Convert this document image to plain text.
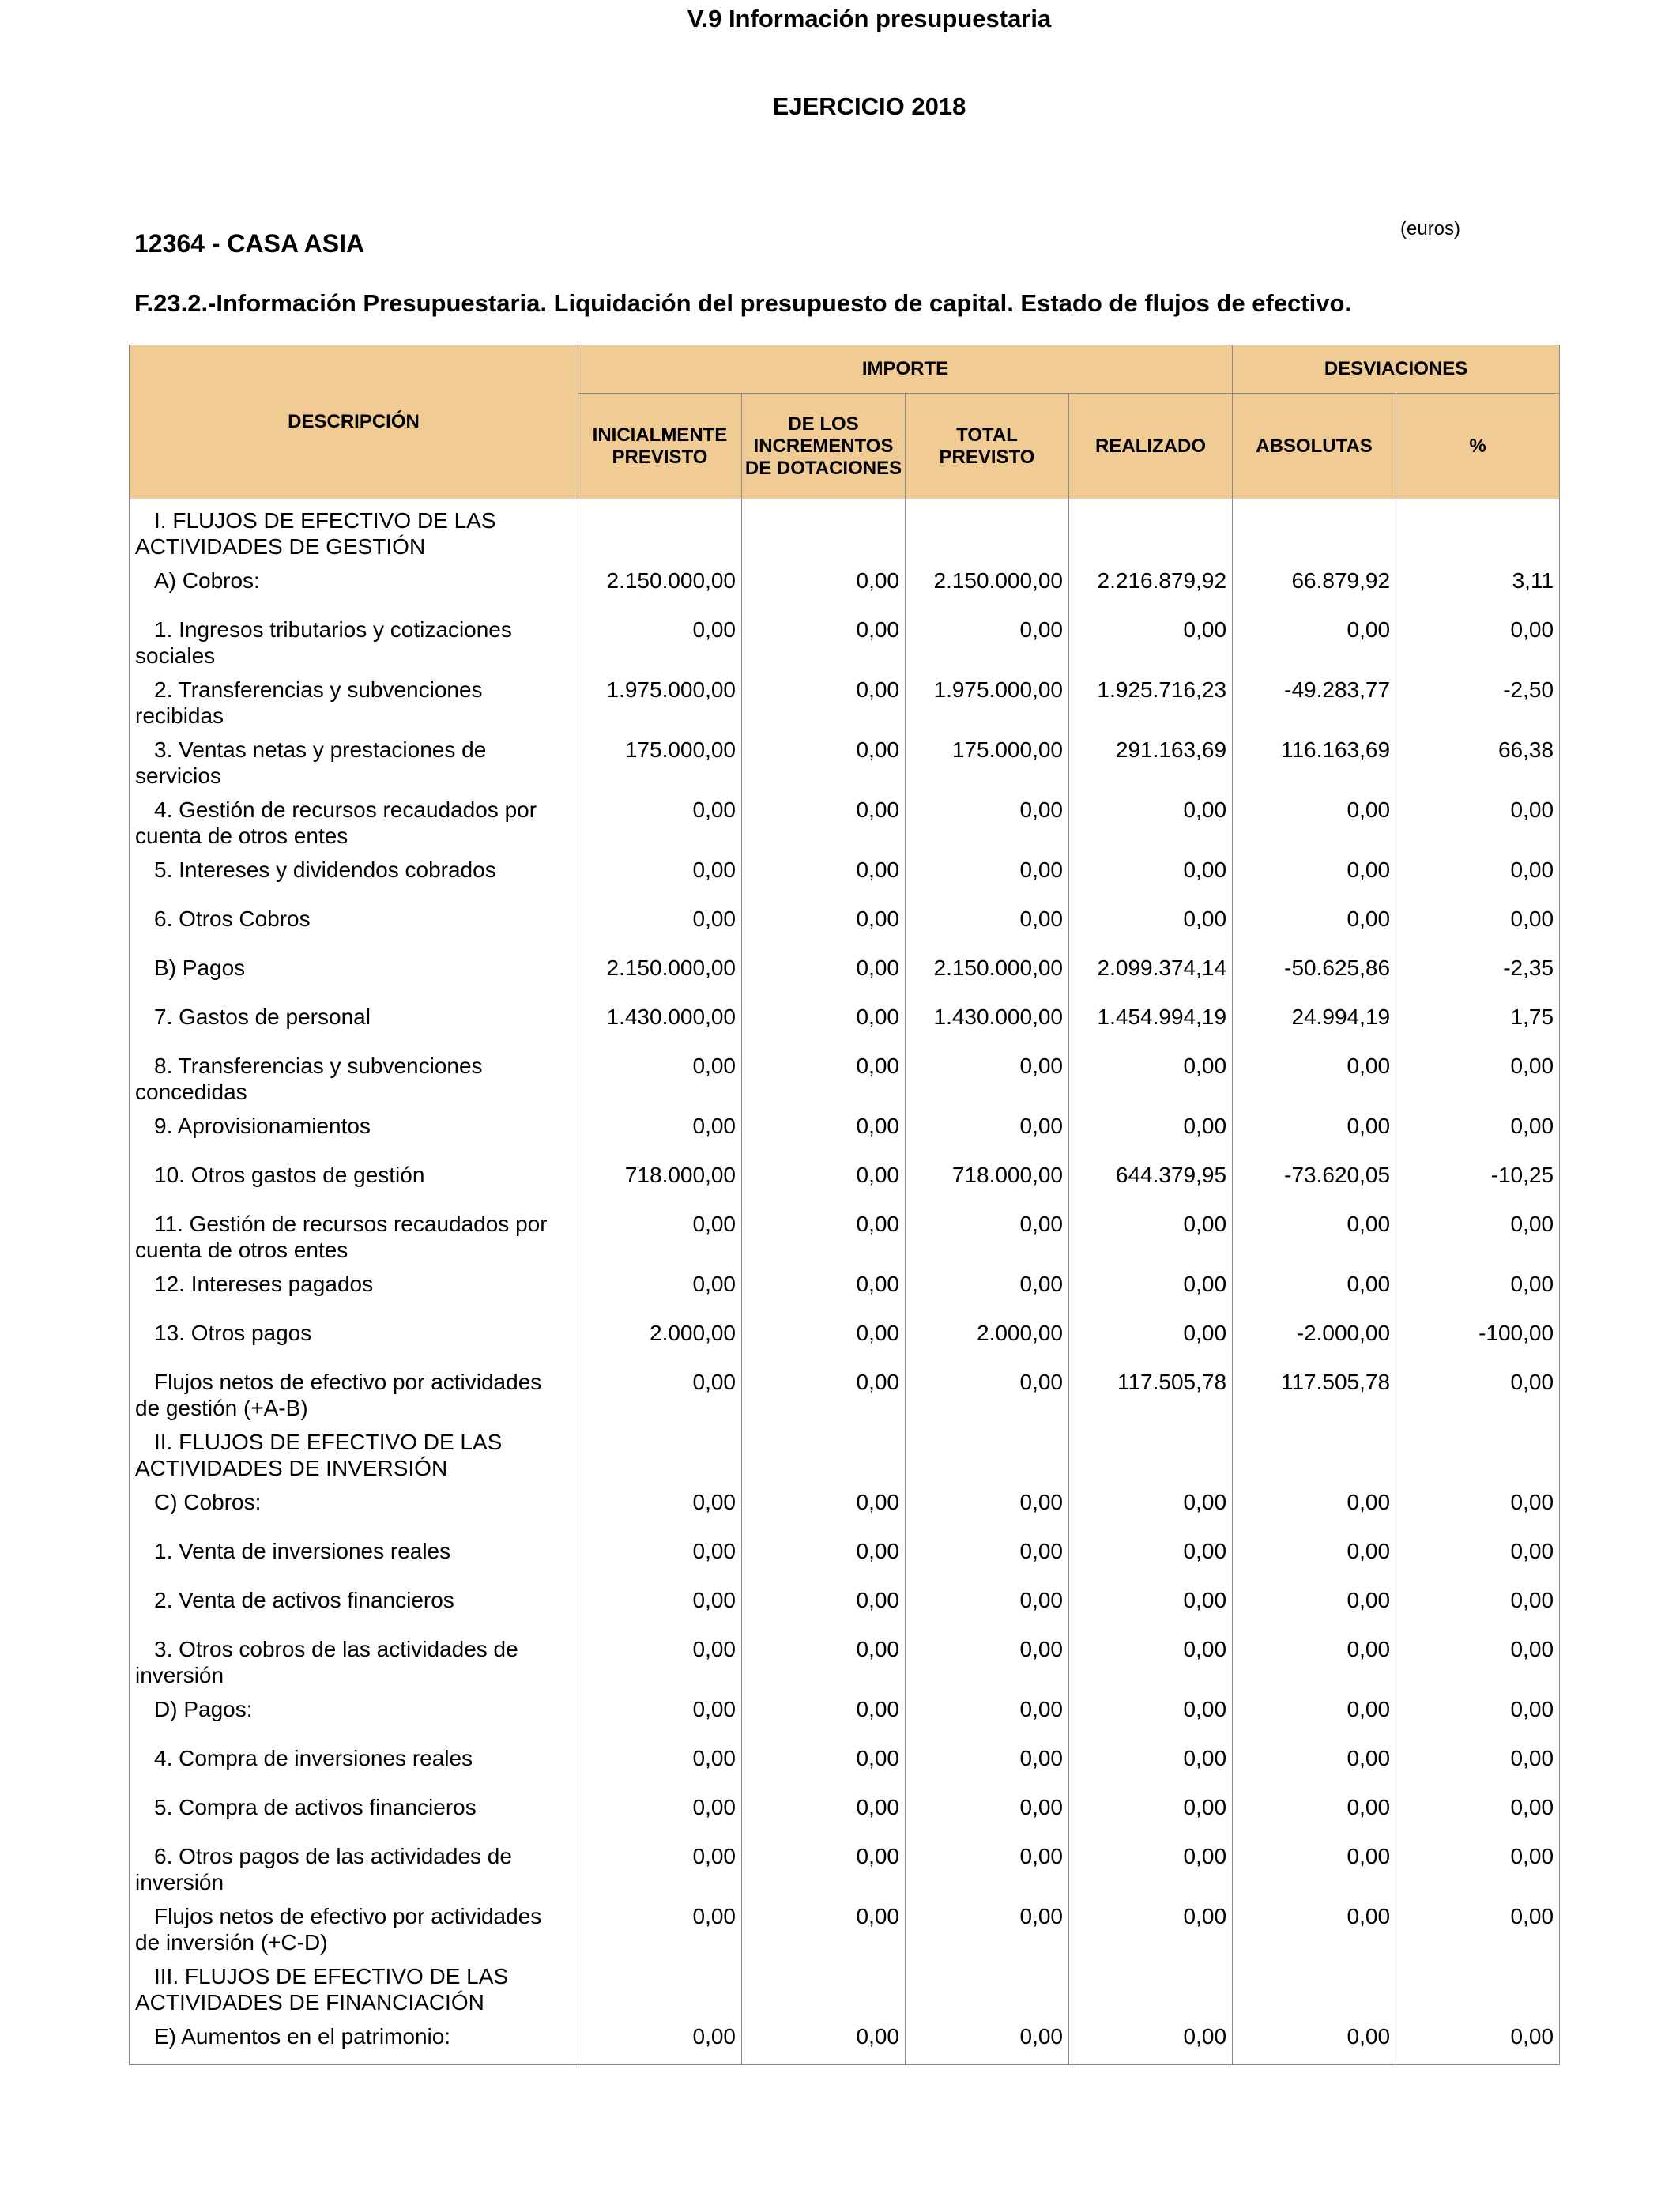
V.9 Información presupuestaria
EJERCICIO 2018
12364 - CASA ASIA
(euros)
F.23.2.-Información Presupuestaria. Liquidación del presupuesto de capital. Estado de flujos de efectivo.
DESCRIPCIÓN	IMPORTE				DESVIACIONES	
	INICIALMENTE PREVISTO	DE LOS INCREMENTOS DE DOTACIONES	TOTAL PREVISTO	REALIZADO	ABSOLUTAS	%
I. FLUJOS DE EFECTIVO DE LAS
ACTIVIDADES DE GESTIÓN						

A) Cobros:	2.150.000,00	0,00	2.150.000,00	2.216.879,92	66.879,92	3,11
1. Ingresos tributarios y cotizaciones
sociales	0,00	0,00	0,00	0,00	0,00	0,00
2. Transferencias y subvenciones
recibidas	1.975.000,00	0,00	1.975.000,00	1.925.716,23	-49.283,77	-2,50
3. Ventas netas y prestaciones de
servicios	175.000,00	0,00	175.000,00	291.163,69	116.163,69	66,38
4. Gestión de recursos recaudados por
cuenta de otros entes	0,00	0,00	0,00	0,00	0,00	0,00
5. Intereses y dividendos cobrados	0,00	0,00	0,00	0,00	0,00	0,00
6. Otros Cobros	0,00	0,00	0,00	0,00	0,00	0,00
B) Pagos	2.150.000,00	0,00	2.150.000,00	2.099.374,14	-50.625,86	-2,35
7. Gastos de personal	1.430.000,00	0,00	1.430.000,00	1.454.994,19	24.994,19	1,75
8. Transferencias y subvenciones
concedidas	0,00	0,00	0,00	0,00	0,00	0,00
9. Aprovisionamientos	0,00	0,00	0,00	0,00	0,00	0,00
10. Otros gastos de gestión	718.000,00	0,00	718.000,00	644.379,95	-73.620,05	-10,25
11. Gestión de recursos recaudados por
cuenta de otros entes	0,00	0,00	0,00	0,00	0,00	0,00
12. Intereses pagados	0,00	0,00	0,00	0,00	0,00	0,00
13. Otros pagos	2.000,00	0,00	2.000,00	0,00	-2.000,00	-100,00
Flujos netos de efectivo por actividades
de gestión (+A-B)	0,00	0,00	0,00	117.505,78	117.505,78	0,00
II. FLUJOS DE EFECTIVO DE LAS
ACTIVIDADES DE INVERSIÓN						

C) Cobros:	0,00	0,00	0,00	0,00	0,00	0,00
1. Venta de inversiones reales	0,00	0,00	0,00	0,00	0,00	0,00
2. Venta de activos financieros	0,00	0,00	0,00	0,00	0,00	0,00
3. Otros cobros de las actividades de
inversión	0,00	0,00	0,00	0,00	0,00	0,00
D) Pagos:	0,00	0,00	0,00	0,00	0,00	0,00
4. Compra de inversiones reales	0,00	0,00	0,00	0,00	0,00	0,00
5. Compra de activos financieros	0,00	0,00	0,00	0,00	0,00	0,00
6. Otros pagos de las actividades de
inversión	0,00	0,00	0,00	0,00	0,00	0,00
Flujos netos de efectivo por actividades
de inversión (+C-D)	0,00	0,00	0,00	0,00	0,00	0,00
III. FLUJOS DE EFECTIVO DE LAS
ACTIVIDADES DE FINANCIACIÓN						

E) Aumentos en el patrimonio:	0,00	0,00	0,00	0,00	0,00	0,00
